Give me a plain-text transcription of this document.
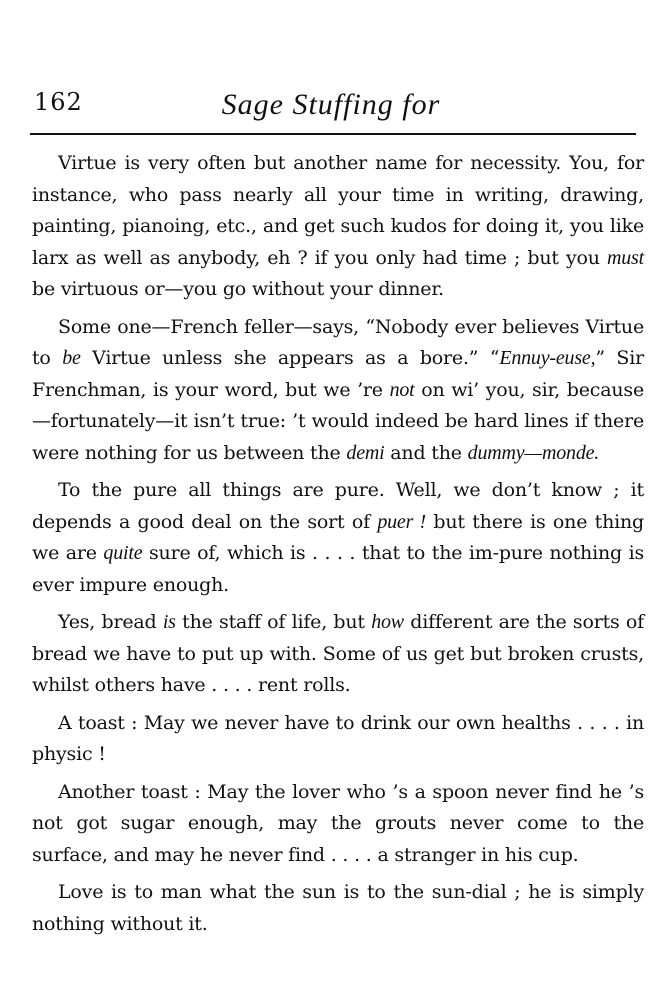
162	Sage Stuffing for

Virtue is very often but another name for necessity. You, for instance, who pass nearly all your time in writing, drawing, painting, pianoing, etc., and get such kudos for doing it, you like larx as well as anybody, eh ? if you only had time ; but you must be virtuous or—you go without your dinner.

Some one—French feller—says, “Nobody ever believes Virtue to be Virtue unless she appears as a bore.” “Ennuy-euse,” Sir Frenchman, is your word, but we ’re not on wi’ you, sir, because—fortunately—it isn’t true: ’t would indeed be hard lines if there were nothing for us between the demi and the dummy—monde.

To the pure all things are pure. Well, we don’t know ; it depends a good deal on the sort of puer ! but there is one thing we are quite sure of, which is . . . . that to the im-pure nothing is ever impure enough.

Yes, bread is the staff of life, but how different are the sorts of bread we have to put up with. Some of us get but broken crusts, whilst others have . . . . rent rolls.

A toast : May we never have to drink our own healths . . . . in physic !

Another toast : May the lover who ’s a spoon never find he ’s not got sugar enough, may the grouts never come to the surface, and may he never find . . . . a stranger in his cup.

Love is to man what the sun is to the sun-dial ; he is simply nothing without it.
